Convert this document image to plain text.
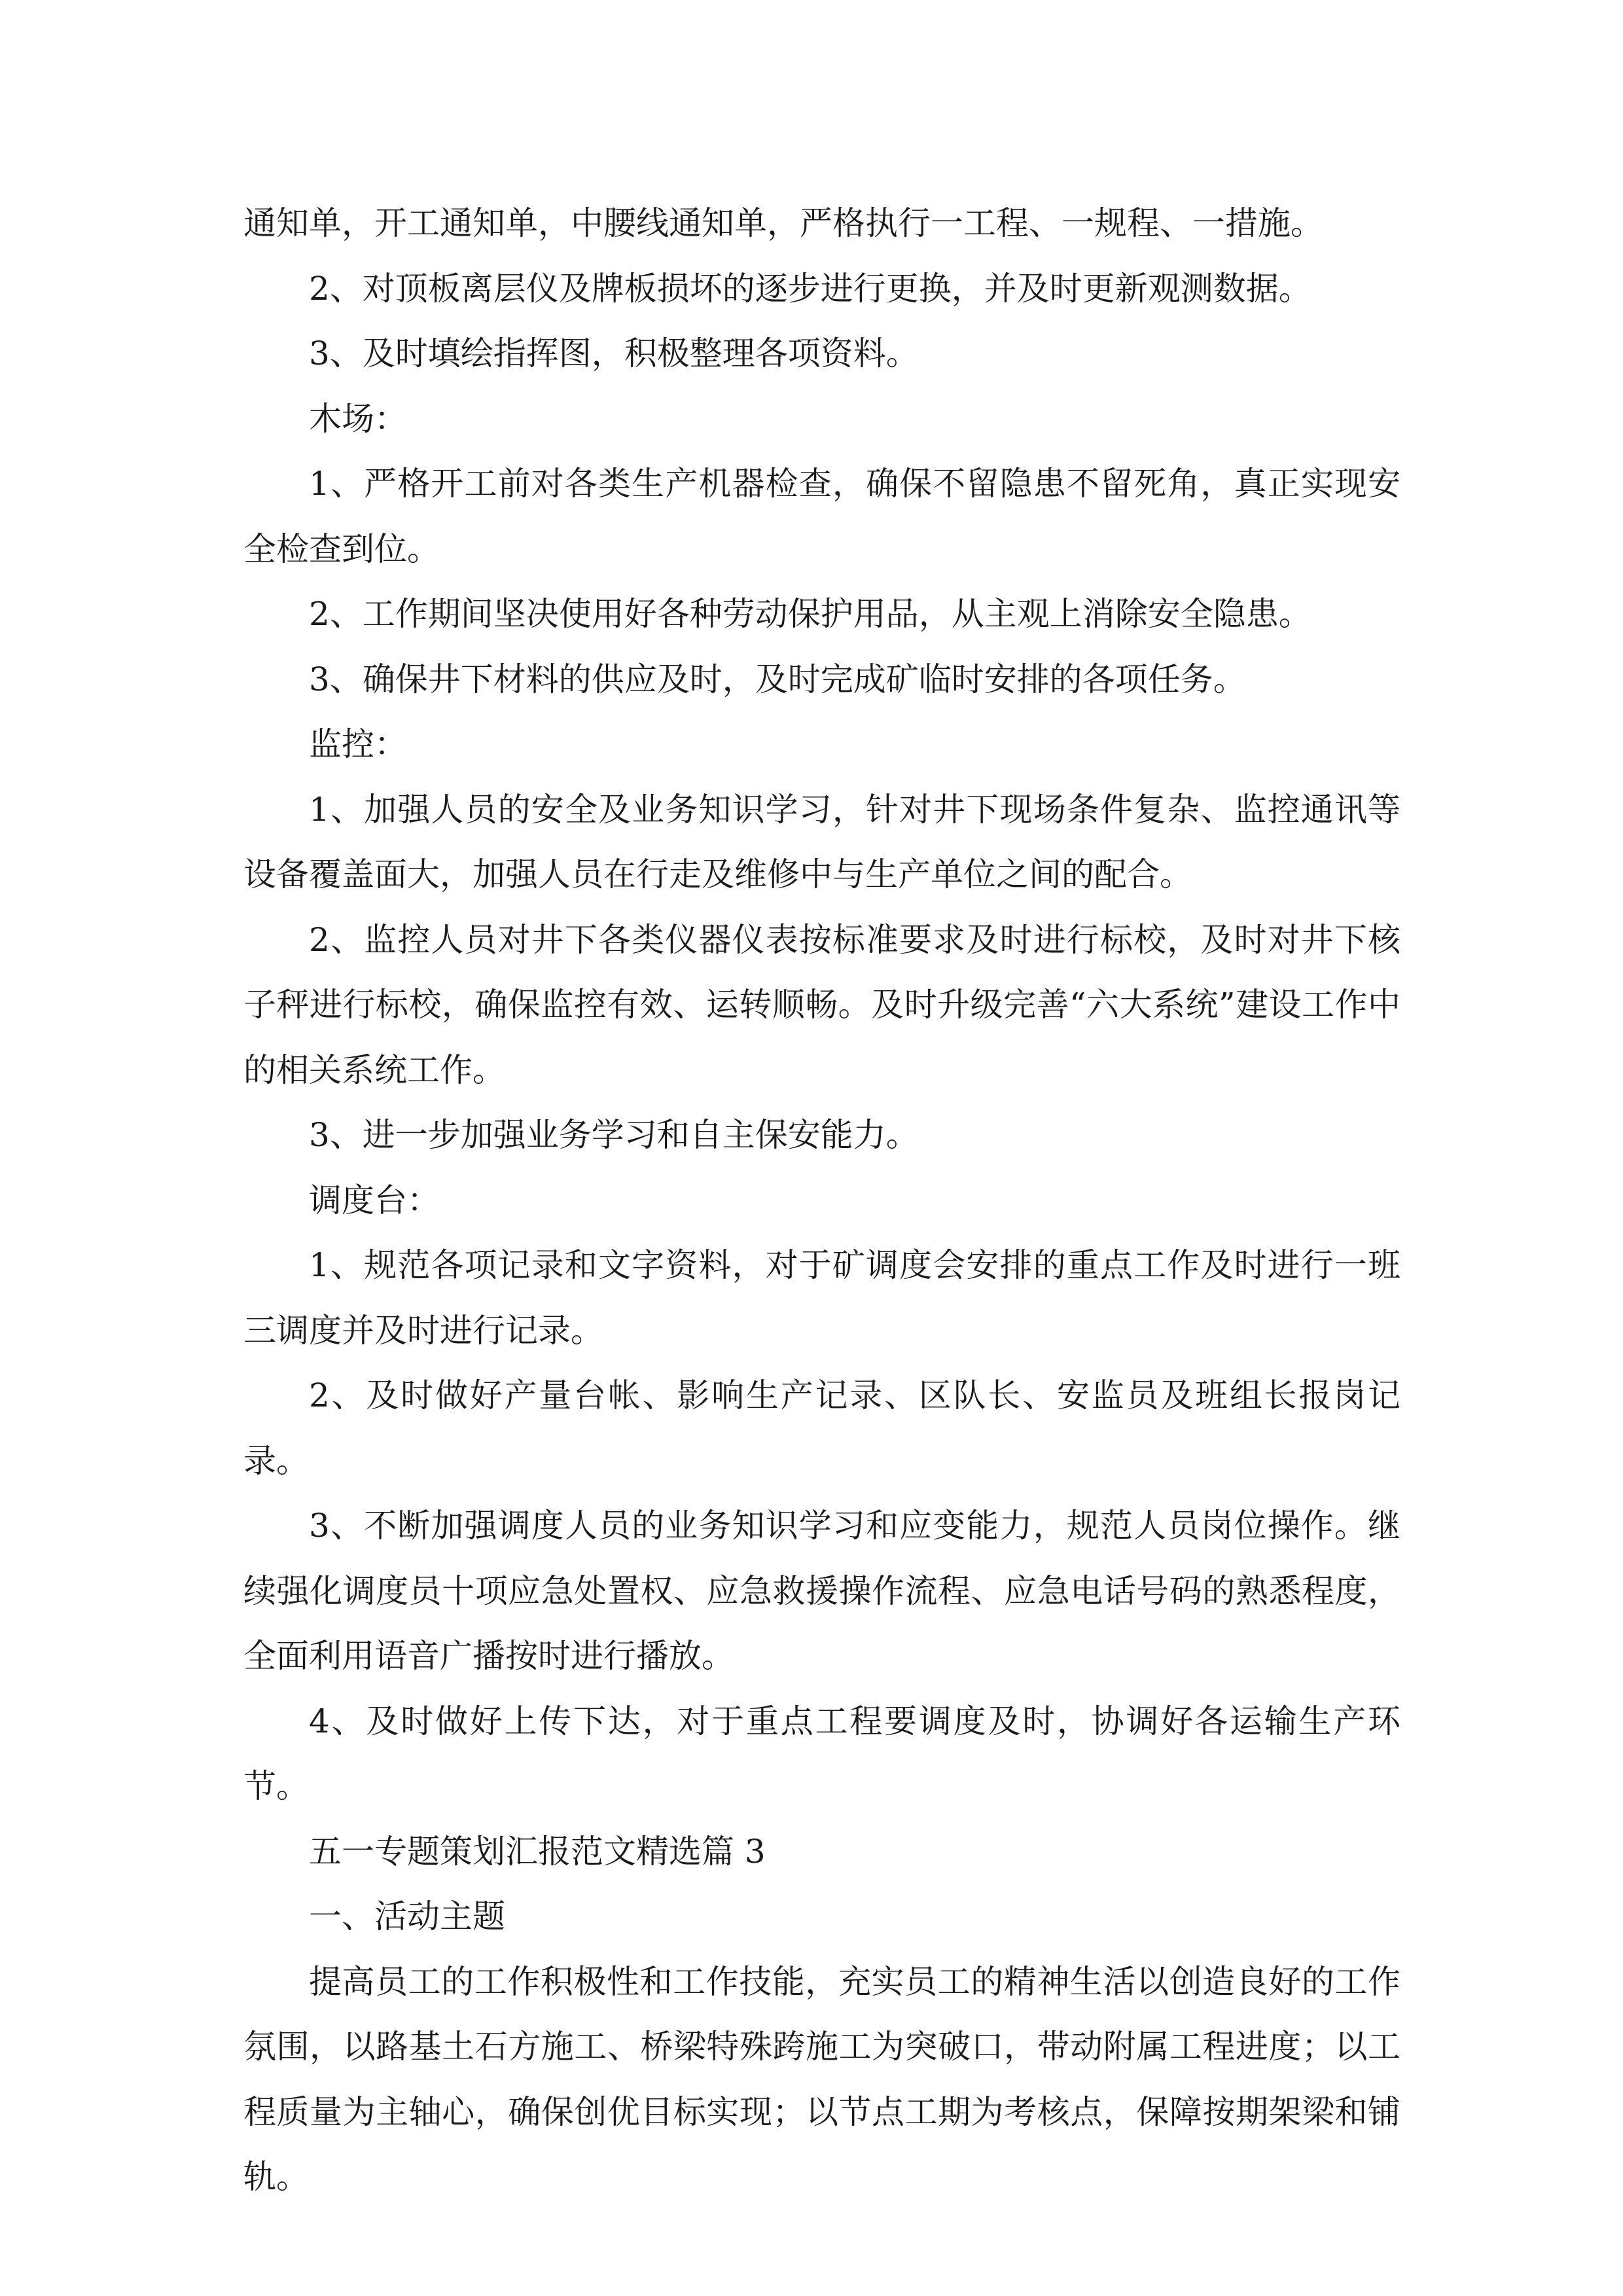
通知单，开工通知单，中腰线通知单，严格执行一工程、一规程、一措施。

2、对顶板离层仪及牌板损坏的逐步进行更换，并及时更新观测数据。

3、及时填绘指挥图，积极整理各项资料。

木场：

1、严格开工前对各类生产机器检查，确保不留隐患不留死角，真正实现安全检查到位。

2、工作期间坚决使用好各种劳动保护用品，从主观上消除安全隐患。

3、确保井下材料的供应及时，及时完成矿临时安排的各项任务。

监控：

1、加强人员的安全及业务知识学习，针对井下现场条件复杂、监控通讯等设备覆盖面大，加强人员在行走及维修中与生产单位之间的配合。

2、监控人员对井下各类仪器仪表按标准要求及时进行标校，及时对井下核子秤进行标校，确保监控有效、运转顺畅。及时升级完善“六大系统”建设工作中的相关系统工作。

3、进一步加强业务学习和自主保安能力。

调度台：

1、规范各项记录和文字资料，对于矿调度会安排的重点工作及时进行一班三调度并及时进行记录。

2、及时做好产量台帐、影响生产记录、区队长、安监员及班组长报岗记录。

3、不断加强调度人员的业务知识学习和应变能力，规范人员岗位操作。继续强化调度员十项应急处置权、应急救援操作流程、应急电话号码的熟悉程度，全面利用语音广播按时进行播放。

4、及时做好上传下达，对于重点工程要调度及时，协调好各运输生产环节。

五一专题策划汇报范文精选篇 3

一、活动主题

提高员工的工作积极性和工作技能，充实员工的精神生活以创造良好的工作氛围，以路基土石方施工、桥梁特殊跨施工为突破口，带动附属工程进度；以工程质量为主轴心，确保创优目标实现；以节点工期为考核点，保障按期架梁和铺轨。
